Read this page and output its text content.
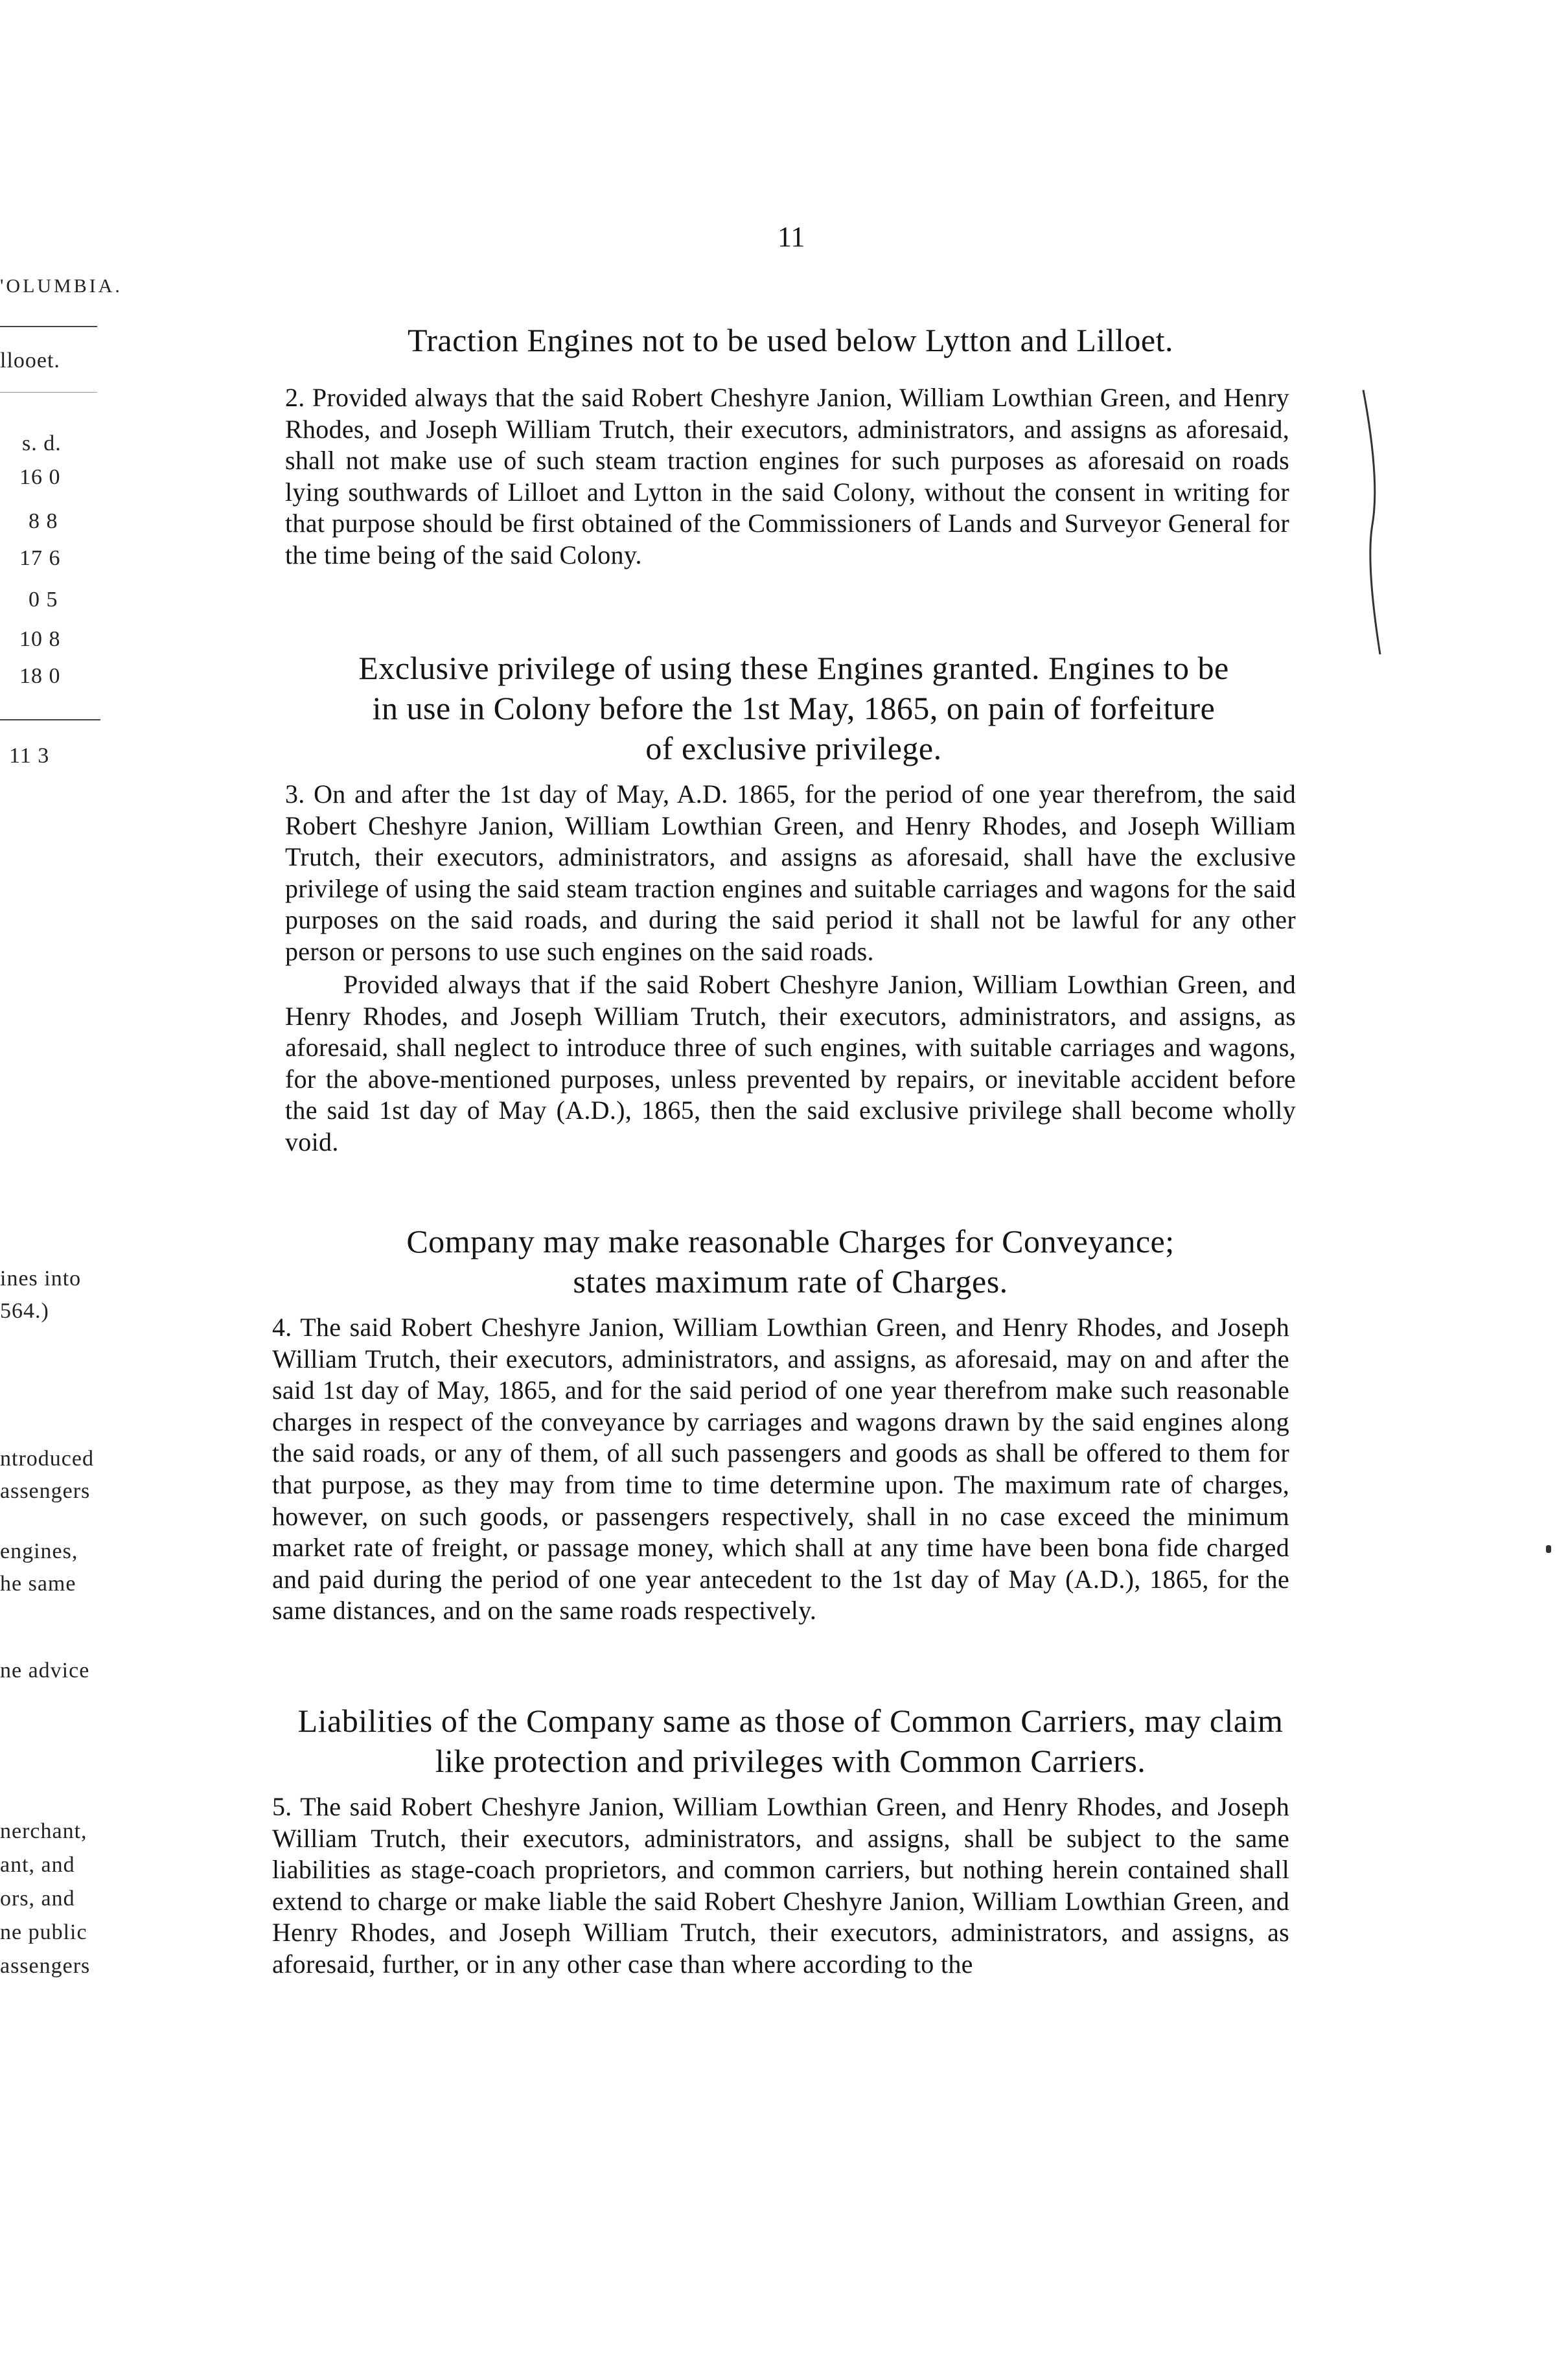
'OLUMBIA.
llooet.
s. d.
16 0
8 8
17 6
0 5
10 8
18 0
11 3
ines into
564.)
ntroduced
assengers
engines,
he same
ne advice
nerchant,
ant, and
ors, and
ne public
assengers
11
Traction Engines not to be used below Lytton and Lilloet.

2. Provided always that the said Robert Cheshyre Janion, William Lowthian Green, and Henry Rhodes, and Joseph William Trutch, their executors, administrators, and assigns as aforesaid, shall not make use of such steam traction engines for such purposes as aforesaid on roads lying southwards of Lilloet and Lytton in the said Colony, without the consent in writing for that purpose should be first obtained of the Commissioners of Lands and Surveyor General for the time being of the said Colony.

Exclusive privilege of using these Engines granted. Engines to be
in use in Colony before the 1st May, 1865, on pain of forfeiture
of exclusive privilege.

3. On and after the 1st day of May, A.D. 1865, for the period of one year therefrom, the said Robert Cheshyre Janion, William Lowthian Green, and Henry Rhodes, and Joseph William Trutch, their executors, administrators, and assigns as aforesaid, shall have the exclusive privilege of using the said steam traction engines and suitable carriages and wagons for the said purposes on the said roads, and during the said period it shall not be lawful for any other person or persons to use such engines on the said roads.

Provided always that if the said Robert Cheshyre Janion, William Lowthian Green, and Henry Rhodes, and Joseph William Trutch, their executors, administrators, and assigns, as aforesaid, shall neglect to introduce three of such engines, with suitable carriages and wagons, for the above-mentioned purposes, unless prevented by repairs, or inevitable accident before the said 1st day of May (A.D.), 1865, then the said exclusive privilege shall become wholly void.

Company may make reasonable Charges for Conveyance;
states maximum rate of Charges.

4. The said Robert Cheshyre Janion, William Lowthian Green, and Henry Rhodes, and Joseph William Trutch, their executors, administrators, and assigns, as aforesaid, may on and after the said 1st day of May, 1865, and for the said period of one year therefrom make such reasonable charges in respect of the conveyance by carriages and wagons drawn by the said engines along the said roads, or any of them, of all such passengers and goods as shall be offered to them for that purpose, as they may from time to time determine upon. The maximum rate of charges, however, on such goods, or passengers respectively, shall in no case exceed the minimum market rate of freight, or passage money, which shall at any time have been bona fide charged and paid during the period of one year antecedent to the 1st day of May (A.D.), 1865, for the same distances, and on the same roads respectively.

Liabilities of the Company same as those of Common Carriers, may claim
like protection and privileges with Common Carriers.

5. The said Robert Cheshyre Janion, William Lowthian Green, and Henry Rhodes, and Joseph William Trutch, their executors, administrators, and assigns, shall be subject to the same liabilities as stage-coach proprietors, and common carriers, but nothing herein contained shall extend to charge or make liable the said Robert Cheshyre Janion, William Lowthian Green, and Henry Rhodes, and Joseph William Trutch, their executors, administrators, and assigns, as aforesaid, further, or in any other case than where according to the
